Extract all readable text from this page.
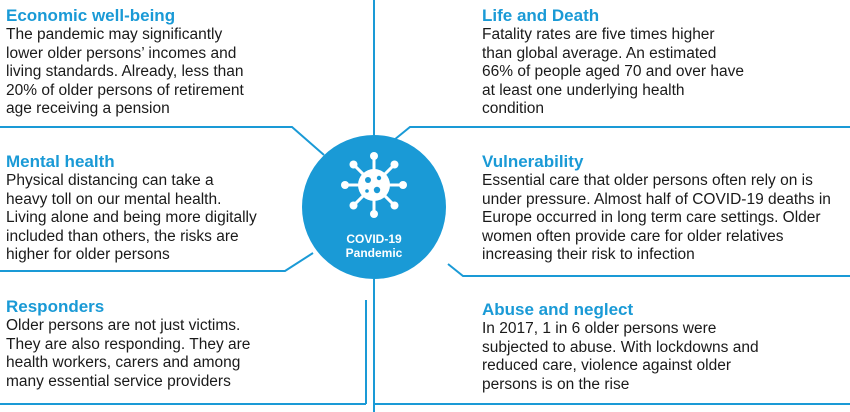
Economic well-being

The pandemic may significantly

lower older persons’ incomes and

living standards. Already, less than

20% of older persons of retirement

age receiving a pension

Mental health

Physical distancing can take a

heavy toll on our mental health.

Living alone and being more digitally

included than others, the risks are

higher for older persons

Responders

Older persons are not just victims.

They are also responding. They are

health workers, carers and among

many essential service providers

Life and Death

Fatality rates are five times higher

than global average. An estimated

66% of people aged 70 and over have

at least one underlying health

condition

Vulnerability

Essential care that older persons often rely on is

under pressure. Almost half of COVID-19 deaths in

Europe occurred in long term care settings. Older

women often provide care for older relatives

increasing their risk to infection

Abuse and neglect

In 2017, 1 in 6 older persons were

subjected to abuse. With lockdowns and

reduced care, violence against older

persons is on the rise

COVID-19
Pandemic
